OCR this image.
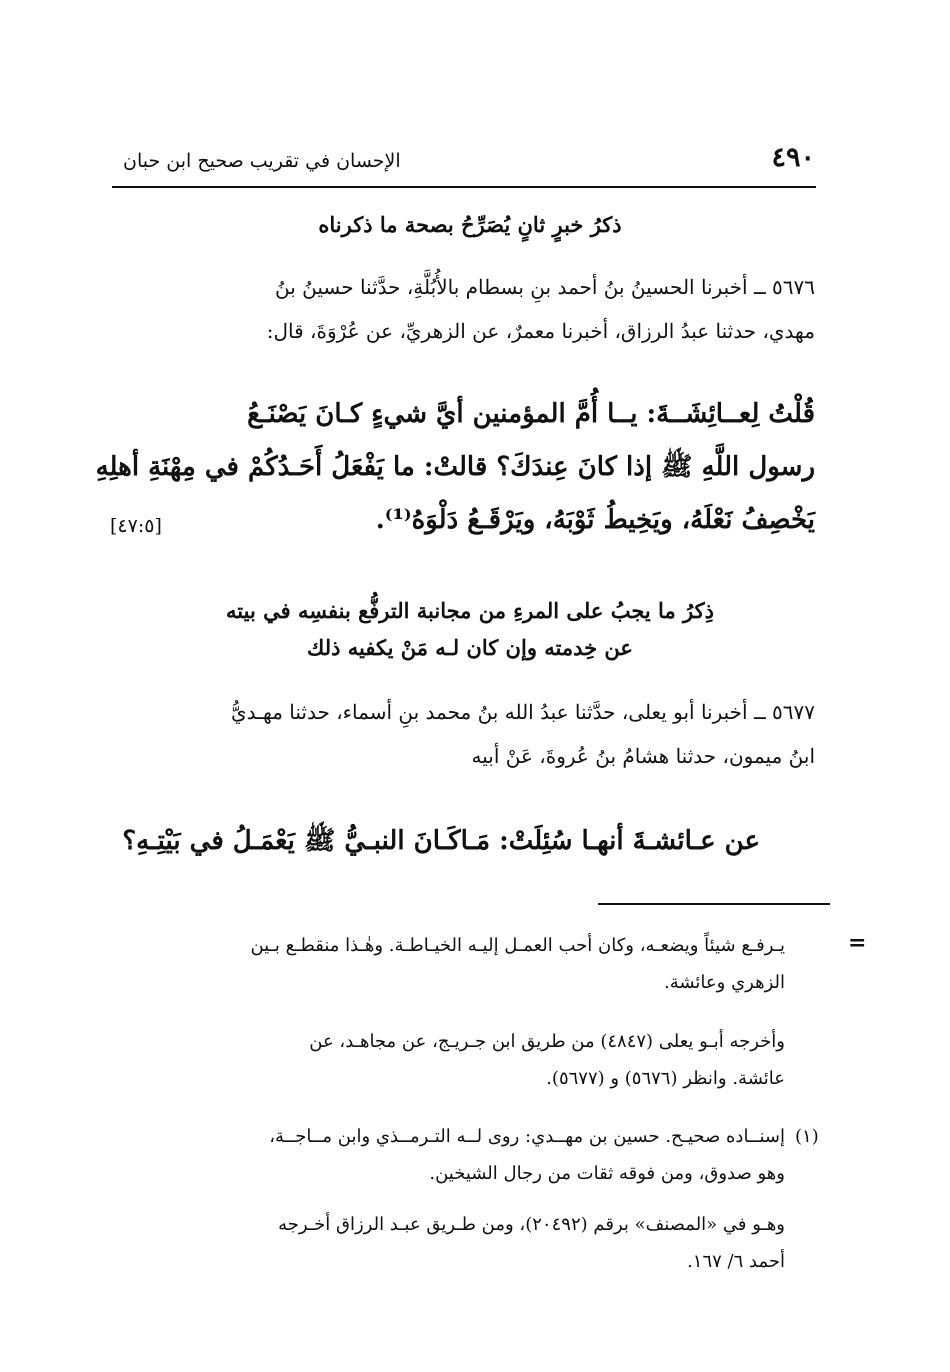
٤٩٠
الإحسان في تقريب صحيح ابن حبان
ذكرُ خبرٍ ثانٍ يُصَرِّحُ بصحة ما ذكرناه
٥٦٧٦ ــ أخبرنا الحسينُ بنُ أحمد بنِ بسطام بالأُبُلَّةِ، حدَّثنا حسينُ بنُ
مهدي، حدثنا عبدُ الرزاق، أخبرنا معمرٌ، عن الزهريِّ، عن عُرْوَةَ، قال:
قُلْتُ لِعــائِشَــةَ: يــا أُمَّ المؤمنين أيَّ شيءٍ كـانَ يَصْنَـعُ
رسول اللَّهِ ﷺ إذا كانَ عِندَكَ؟ قالتْ: ما يَفْعَلُ أَحَـدُكُمْ في مِهْنَةِ أهلِهِ
يَخْصِفُ نَعْلَهُ، ويَخِيطُ ثَوْبَهُ، ويَرْقَـعُ دَلْوَهُ⁽¹⁾.
[٤٧:٥]
ذِكرُ ما يجبُ على المرءِ من مجانبة الترفُّع بنفسِه في بيته
عن خِدمته وإن كان لـه مَنْ يكفيه ذلك
٥٦٧٧ ــ أخبرنا أبو يعلى، حدَّثنا عبدُ الله بنُ محمد بنِ أسماء، حدثنا مهـديُّ
ابنُ ميمون، حدثنا هشامُ بنُ عُروةَ، عَنْ أبيه
عن عـائشـةَ أنهـا سُئِلَتْ: مَـاكَـانَ النبـيُّ ﷺ يَعْمَـلُ في بَيْتِـهِ؟
=
يـرفـع شيئاً ويضعـه، وكان أحب العمـل إليـه الخيـاطـة. وهٰـذا منقطـع بـين
الزهري وعائشة.
وأخرجه أبـو يعلى (٤٨٤٧) من طريق ابن جـريـج، عن مجاهـد، عن
عائشة. وانظر (٥٦٧٦) و (٥٦٧٧).
(١)
إسنــاده صحيـح. حسين بن مهــدي: روى لــه التـرمــذي وابن مــاجــة،
وهو صدوق، ومن فوقه ثقات من رجال الشيخين.
وهـو في «المصنف» برقم (٢٠٤٩٢)، ومن طـريق عبـد الرزاق أخـرجه
أحمد ٦/ ١٦٧.
